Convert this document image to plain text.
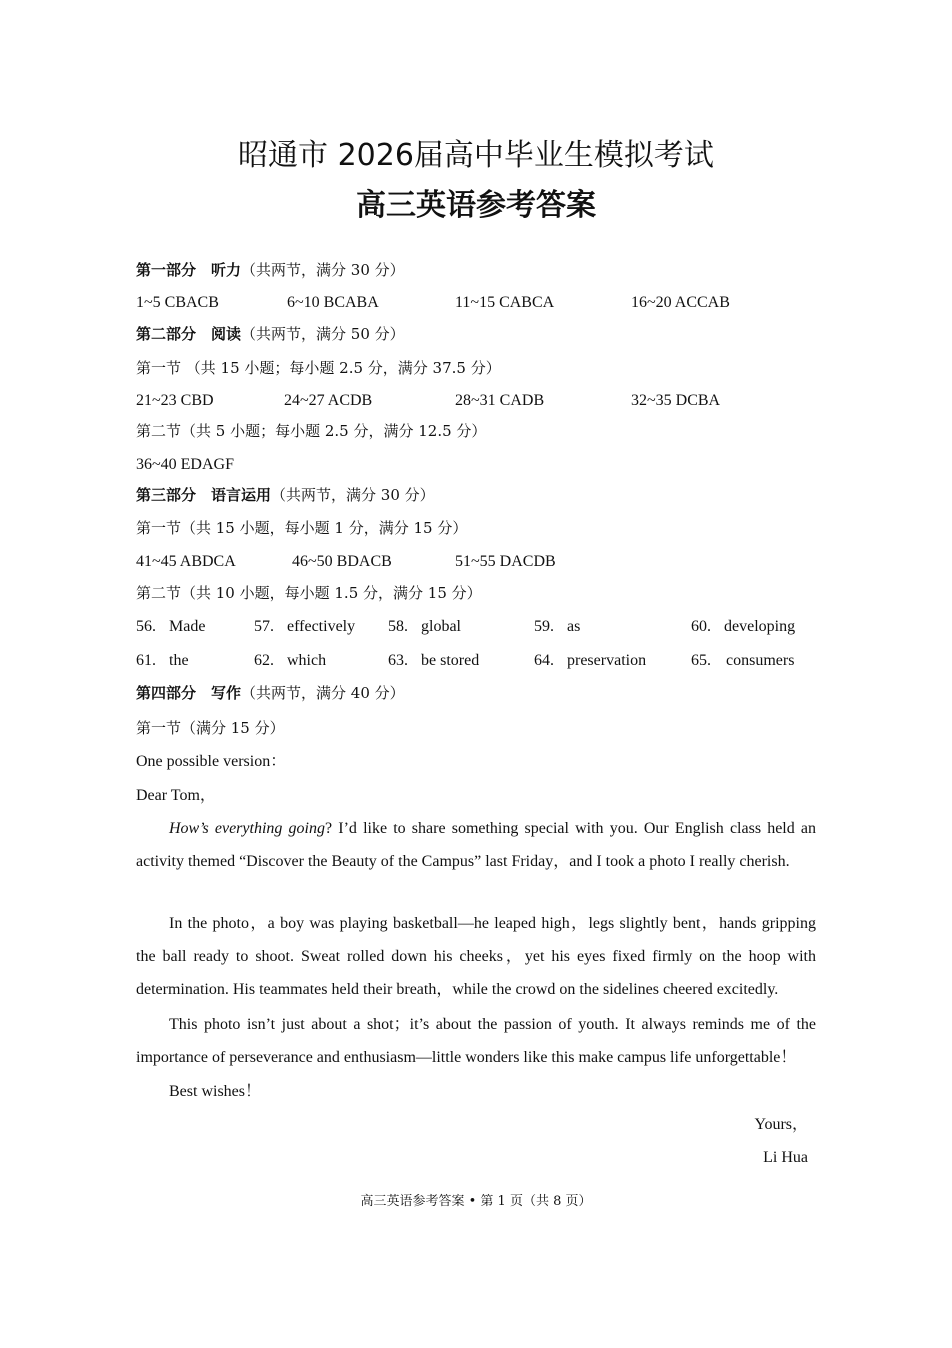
昭通市 2026届高中毕业生模拟考试
高三英语参考答案
第一部分　听力（共两节，满分 30 分）
1~5 CBACB	6~10 BCABA	11~15 CABCA	16~20 ACCAB
第二部分　阅读（共两节，满分 50 分）
第一节 （共 15 小题；每小题 2.5 分，满分 37.5 分）
21~23 CBD	24~27 ACDB	28~31 CADB	32~35 DCBA
第二节（共 5 小题；每小题 2.5 分，满分 12.5 分）
36~40 EDAGF
第三部分　语言运用（共两节，满分 30 分）
第一节（共 15 小题，每小题 1 分，满分 15 分）
41~45 ABDCA	46~50 BDACB	51~55 DACDB
第二节（共 10 小题，每小题 1.5 分，满分 15 分）
56. Made	57. effectively 58. global	59. as	60. developing
61. the	62. which	63. be stored	64. preservation	65. consumers
第四部分　写作（共两节，满分 40 分）
第一节（满分 15 分）
One possible version：
Dear Tom，
How’s everything going? I’d like to share something special with you. Our English class held an activity themed “Discover the Beauty of the Campus” last Friday，and I took a photo I really cherish.
In the photo，a boy was playing basketball—he leaped high，legs slightly bent，hands gripping the ball ready to shoot. Sweat rolled down his cheeks，yet his eyes fixed firmly on the hoop with determination. His teammates held their breath，while the crowd on the sidelines cheered excitedly.
This photo isn’t just about a shot；it’s about the passion of youth. It always reminds me of the importance of perseverance and enthusiasm—little wonders like this make campus life unforgettable！
Best wishes！
Yours，
Li Hua
高三英语参考答案 • 第 1 页（共 8 页）
